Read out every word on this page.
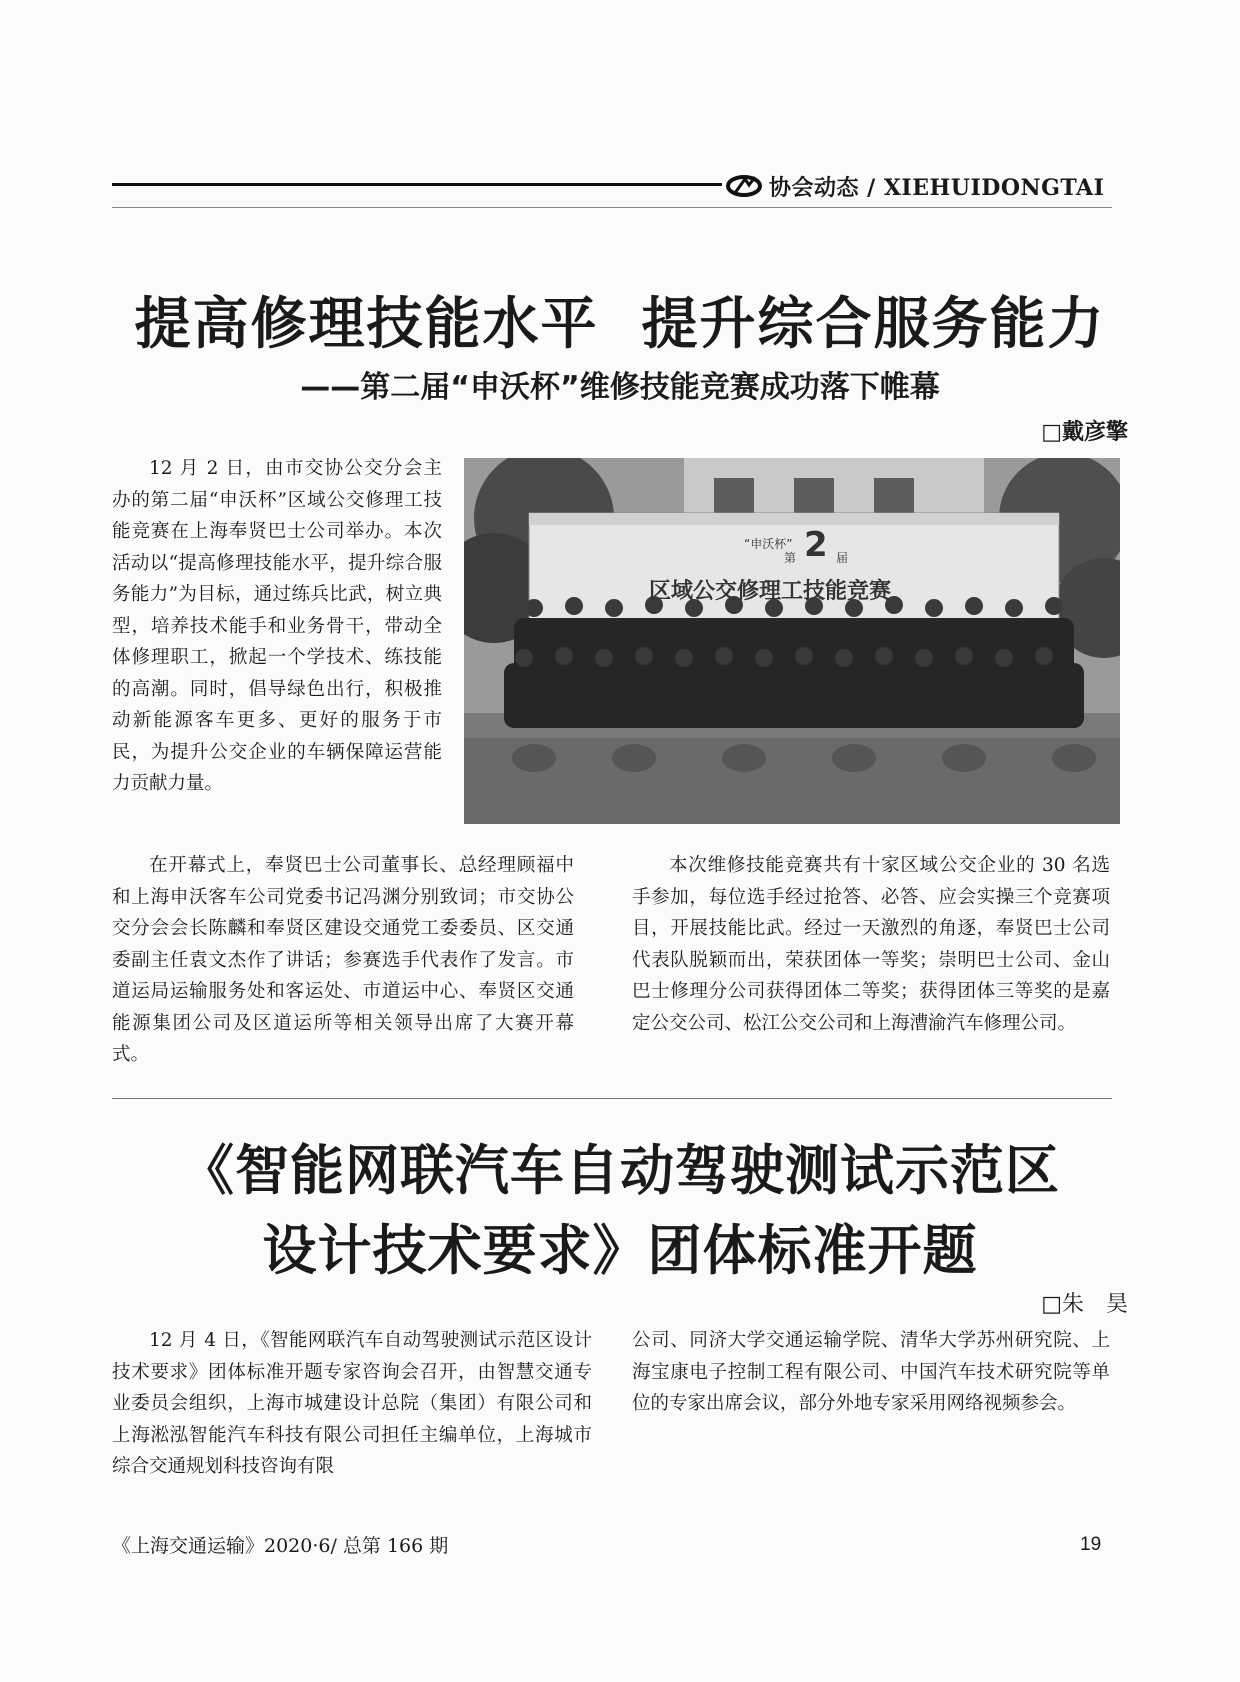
协会动态 / XIEHUIDONGTAI
提高修理技能水平  提升综合服务能力
——第二届“申沃杯”维修技能竞赛成功落下帷幕
□戴彦擎

12 月 2 日，由市交协公交分会主办的第二届“申沃杯”区域公交修理工技能竞赛在上海奉贤巴士公司举办。本次活动以“提高修理技能水平，提升综合服务能力”为目标，通过练兵比武，树立典型，培养技术能手和业务骨干，带动全体修理职工，掀起一个学技术、练技能的高潮。同时，倡导绿色出行，积极推动新能源客车更多、更好的服务于市民，为提升公交企业的车辆保障运营能力贡献力量。

“申沃杯” 2
第	届
区域公交修理工技能竞赛

在开幕式上，奉贤巴士公司董事长、总经理顾福中和上海申沃客车公司党委书记冯渊分别致词；市交协公交分会会长陈麟和奉贤区建设交通党工委委员、区交通委副主任袁文杰作了讲话；参赛选手代表作了发言。市道运局运输服务处和客运处、市道运中心、奉贤区交通能源集团公司及区道运所等相关领导出席了大赛开幕式。

本次维修技能竞赛共有十家区域公交企业的 30 名选手参加，每位选手经过抢答、必答、应会实操三个竞赛项目，开展技能比武。经过一天激烈的角逐，奉贤巴士公司代表队脱颖而出，荣获团体一等奖；崇明巴士公司、金山巴士修理分公司获得团体二等奖；获得团体三等奖的是嘉定公交公司、松江公交公司和上海漕渝汽车修理公司。

《智能网联汽车自动驾驶测试示范区
设计技术要求》团体标准开题
□朱　昊

12 月 4 日，《智能网联汽车自动驾驶测试示范区设计技术要求》团体标准开题专家咨询会召开，由智慧交通专业委员会组织，上海市城建设计总院（集团）有限公司和上海淞泓智能汽车科技有限公司担任主编单位，上海城市综合交通规划科技咨询有限

公司、同济大学交通运输学院、清华大学苏州研究院、上海宝康电子控制工程有限公司、中国汽车技术研究院等单位的专家出席会议，部分外地专家采用网络视频参会。

《上海交通运输》2020·6/ 总第 166 期	19
